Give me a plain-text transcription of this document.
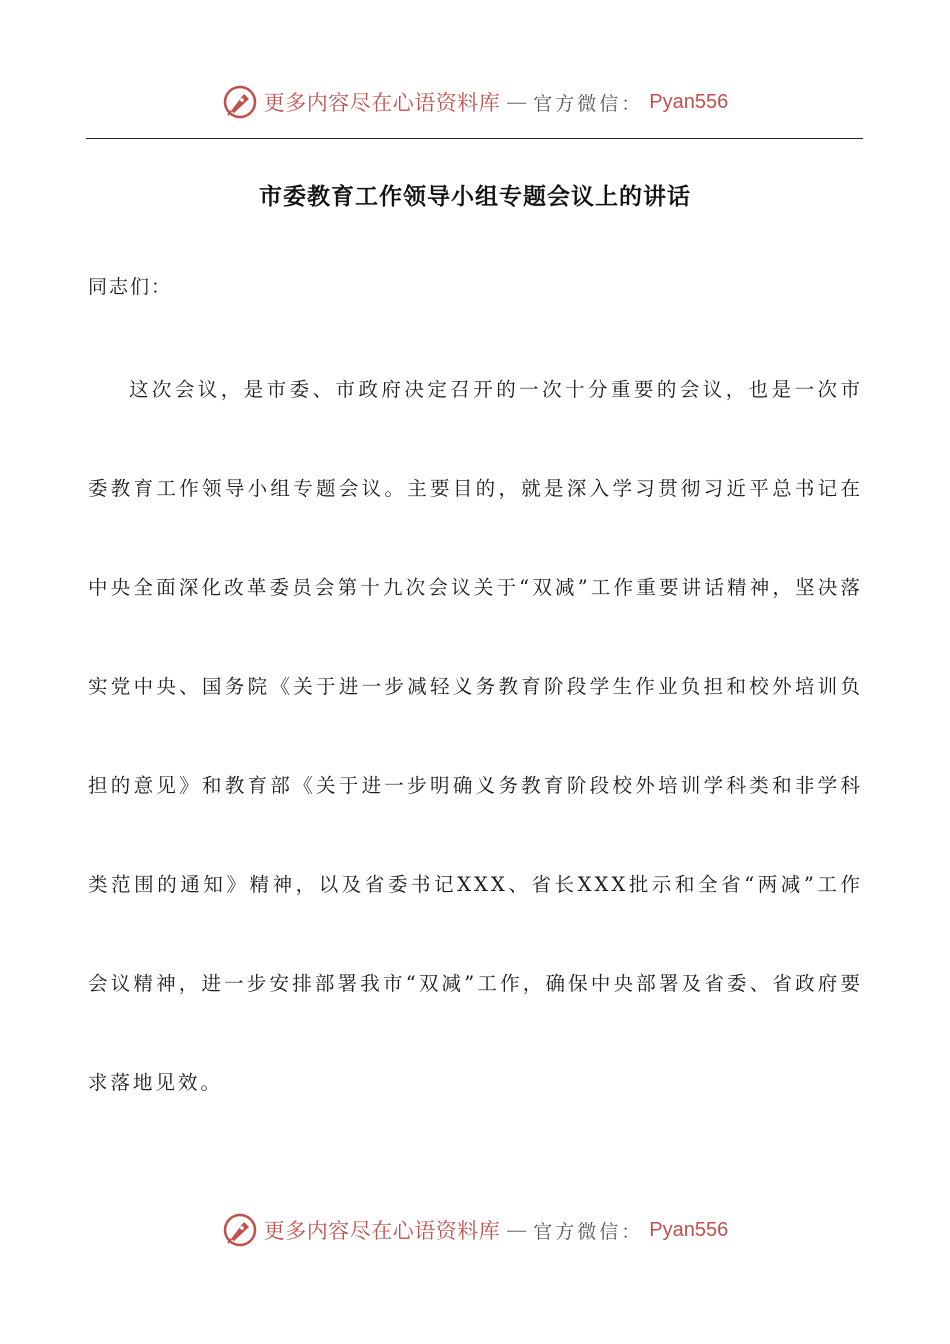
更多内容尽在心语资料库 — 官方微信： Pyan556
市委教育工作领导小组专题会议上的讲话
同志们：

这次会议，是市委、市政府决定召开的一次十分重要的会议，也是一次市委教育工作领导小组专题会议。主要目的，就是深入学习贯彻习近平总书记在中央全面深化改革委员会第十九次会议关于“双减”工作重要讲话精神，坚决落实党中央、国务院《关于进一步减轻义务教育阶段学生作业负担和校外培训负担的意见》和教育部《关于进一步明确义务教育阶段校外培训学科类和非学科类范围的通知》精神，以及省委书记XXX、省长XXX批示和全省“两减”工作会议精神，进一步安排部署我市“双减”工作，确保中央部署及省委、省政府要求落地见效。

更多内容尽在心语资料库 — 官方微信： Pyan556
